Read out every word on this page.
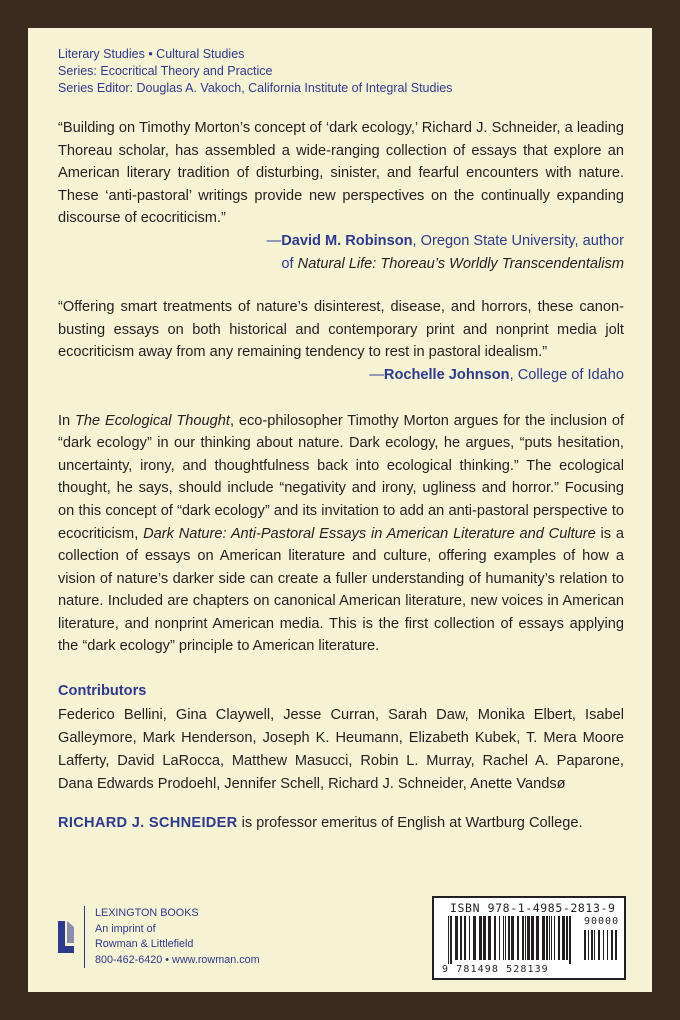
Literary Studies • Cultural Studies
Series: Ecocritical Theory and Practice
Series Editor: Douglas A. Vakoch, California Institute of Integral Studies

“Building on Timothy Morton’s concept of ‘dark ecology,’ Richard J. Schneider, a leading Thoreau scholar, has assembled a wide-ranging collection of essays that explore an American literary tradition of disturbing, sinister, and fearful encounters with nature. These ‘anti-pastoral’ writings provide new perspectives on the continually expanding discourse of ecocriticism.”

—David M. Robinson, Oregon State University, author
of Natural Life: Thoreau’s Worldly Transcendentalism

“Offering smart treatments of nature’s disinterest, disease, and horrors, these canon-busting essays on both historical and contemporary print and nonprint media jolt ecocriticism away from any remaining tendency to rest in pastoral idealism.”

—Rochelle Johnson, College of Idaho

In The Ecological Thought, eco-philosopher Timothy Morton argues for the inclusion of “dark ecology” in our thinking about nature. Dark ecology, he argues, “puts hesitation, uncertainty, irony, and thoughtfulness back into ecological thinking.” The ecological thought, he says, should include “negativity and irony, ugliness and horror.” Focusing on this concept of “dark ecology” and its invitation to add an anti-pastoral perspective to ecocriticism, Dark Nature: Anti-Pastoral Essays in American Literature and Culture is a collection of essays on American literature and culture, offering examples of how a vision of nature’s darker side can create a fuller understanding of humanity’s relation to nature. Included are chapters on canonical American literature, new voices in American literature, and nonprint American media. This is the first collection of essays applying the “dark ecology” principle to American literature.

Contributors

Federico Bellini, Gina Claywell, Jesse Curran, Sarah Daw, Monika Elbert, Isabel Galleymore, Mark Henderson, Joseph K. Heumann, Elizabeth Kubek, T. Mera Moore Lafferty, David LaRocca, Matthew Masucci, Robin L. Murray, Rachel A. Paparone, Dana Edwards Prodoehl, Jennifer Schell, Richard J. Schneider, Anette Vandsø

RICHARD J. SCHNEIDER is professor emeritus of English at Wartburg College.
LEXINGTON BOOKS
An imprint of
Rowman & Littlefield
800-462-6420 • www.rowman.com
ISBN 978-1-4985-2813-9
90000
9 781498 528139
